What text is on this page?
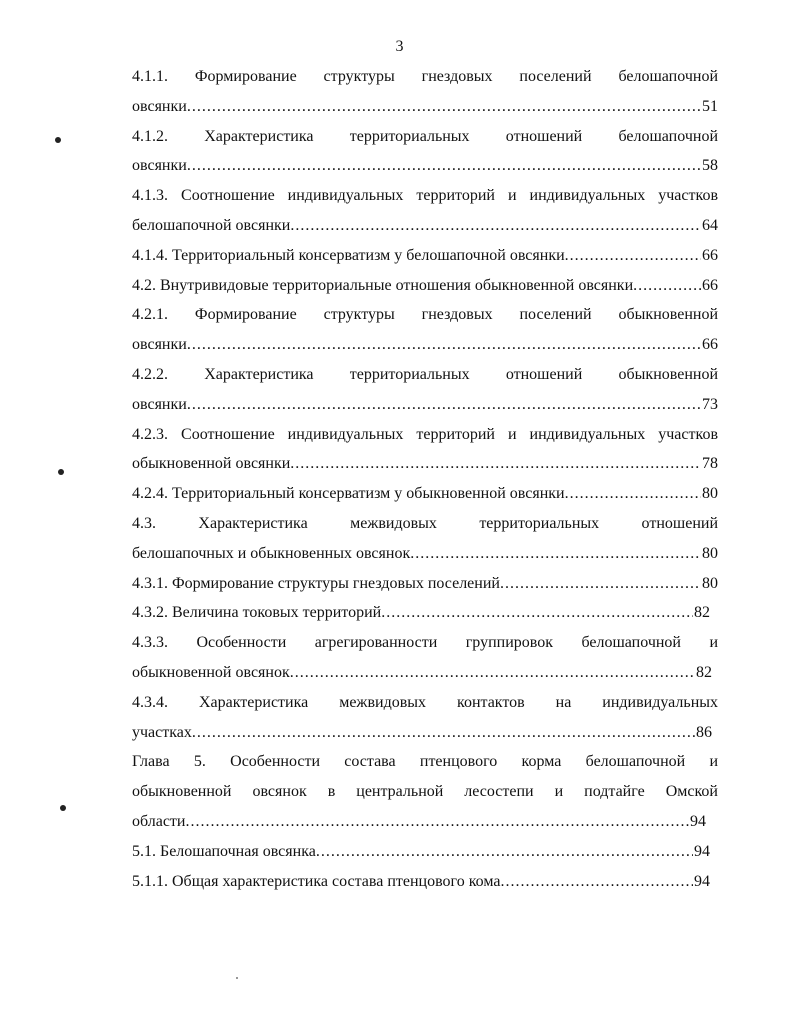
3
4.1.1. Формирование структуры гнездовых поселений белошапочной
овсянки .....	51
4.1.2. Характеристика территориальных отношений белошапочной
овсянки .....	58
4.1.3. Соотношение индивидуальных территорий и индивидуальных участков
белошапочной овсянки .....	64
4.1.4.
Территориальный консерватизм у белошапочной овсянки .....	66
4.2.
Внутривидовые территориальные отношения обыкновенной овсянки .....	66
4.2.1. Формирование структуры гнездовых поселений обыкновенной
овсянки .....	66
4.2.2. Характеристика территориальных отношений обыкновенной
овсянки .....	73
4.2.3. Соотношение индивидуальных территорий и индивидуальных участков
обыкновенной овсянки .....	78
4.2.4.
Территориальный консерватизм у обыкновенной овсянки .....	80
4.3.	Характеристика межвидовых территориальных отношений
белошапочных и обыкновенных овсянок .....	80
4.3.1.
Формирование структуры гнездовых поселений .....	80
4.3.2.
Величина токовых территорий .....	82
4.3.3. Особенности агрегированности группировок белошапочной и
обыкновенной овсянок .....	82
4.3.4. Характеристика межвидовых контактов на индивидуальных
участках .....	86
Глава 5. Особенности состава птенцового корма белошапочной и
обыкновенной овсянок в центральной лесостепи и подтайге Омской
области .....	94
5.1.
Белошапочная овсянка .....	94
5.1.1.
Общая характеристика состава птенцового кома .....	94
